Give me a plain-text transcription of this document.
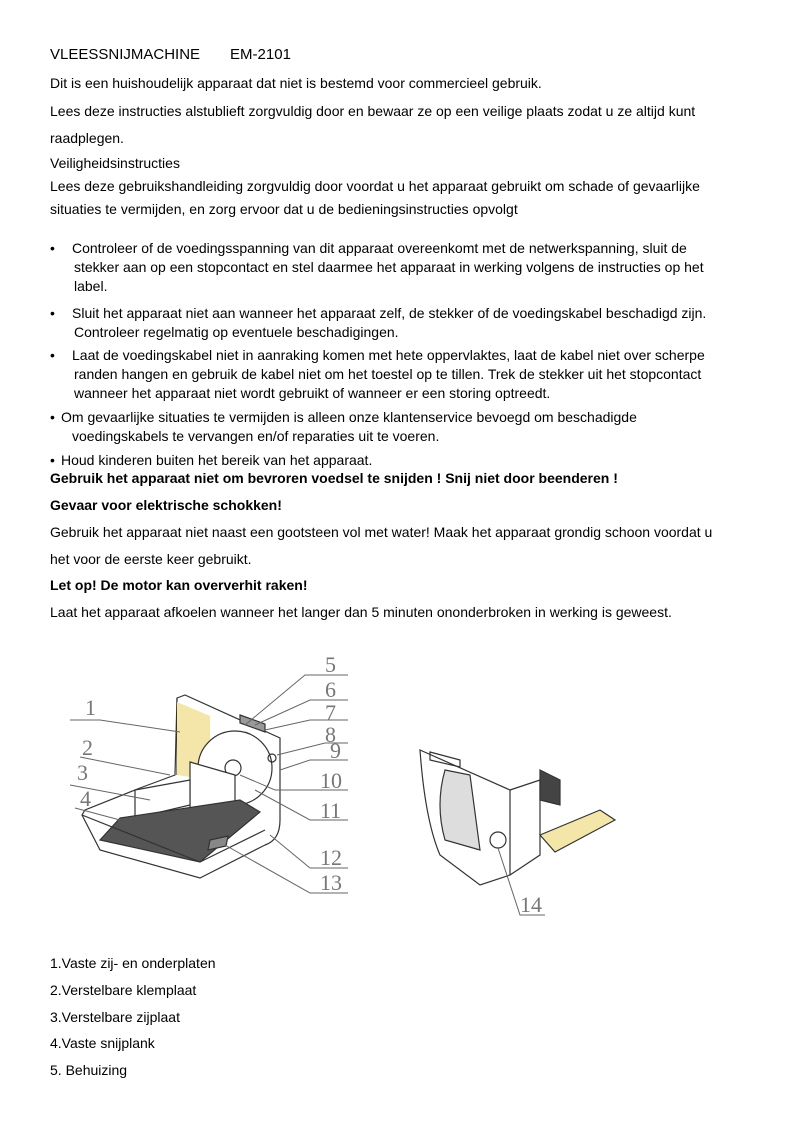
VLEESSNIJMACHINE EM-2101
Dit is een huishoudelijk apparaat dat niet is bestemd voor commercieel gebruik.
Lees deze instructies alstublieft zorgvuldig door en bewaar ze op een veilige plaats zodat u ze altijd kunt
raadplegen.
Veiligheidsinstructies
Lees deze gebruikshandleiding zorgvuldig door voordat u het apparaat gebruikt om schade of gevaarlijke
situaties te vermijden, en zorg ervoor dat u de bedieningsinstructies opvolgt
• Controleer of de voedingsspanning van dit apparaat overeenkomt met de netwerkspanning, sluit de
stekker aan op een stopcontact en stel daarmee het apparaat in werking volgens de instructies op het
label.
• Sluit het apparaat niet aan wanneer het apparaat zelf, de stekker of de voedingskabel beschadigd zijn.
Controleer regelmatig op eventuele beschadigingen.
• Laat de voedingskabel niet in aanraking komen met hete oppervlaktes, laat de kabel niet over scherpe
randen hangen en gebruik de kabel niet om het toestel op te tillen. Trek de stekker uit het stopcontact
wanneer het apparaat niet wordt gebruikt of wanneer er een storing optreedt.
• Om gevaarlijke situaties te vermijden is alleen onze klantenservice bevoegd om beschadigde
voedingskabels te vervangen en/of reparaties uit te voeren.
• Houd kinderen buiten het bereik van het apparaat.
Gebruik het apparaat niet om bevroren voedsel te snijden ! Snij niet door beenderen !
Gevaar voor elektrische schokken!
Gebruik het apparaat niet naast een gootsteen vol met water! Maak het apparaat grondig schoon voordat u
het voor de eerste keer gebruikt.
Let op! De motor kan oververhit raken!
Laat het apparaat afkoelen wanneer het langer dan 5 minuten ononderbroken in werking is geweest.
1
2
3
4
5
6
7
8
9
10
11
12
13
14
1.Vaste zij- en onderplaten
2.Verstelbare klemplaat
3.Verstelbare zijplaat
4.Vaste snijplank
5. Behuizing
